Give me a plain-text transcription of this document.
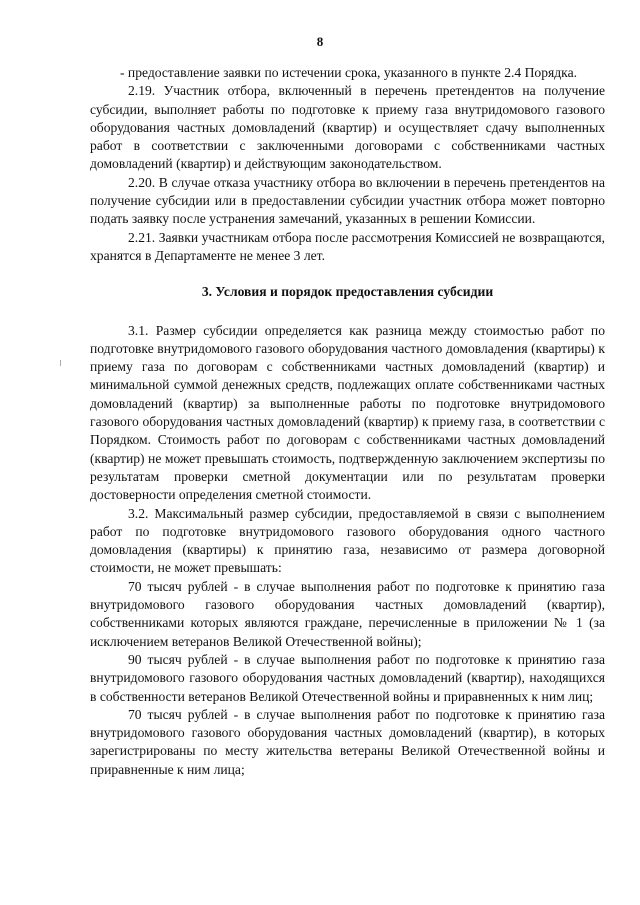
8

- предоставление заявки по истечении срока, указанного в пункте 2.4 Порядка.

2.19. Участник отбора, включенный в перечень претендентов на получение субсидии, выполняет работы по подготовке к приему газа внутридомового газового оборудования частных домовладений (квартир) и осуществляет сдачу выполненных работ в соответствии с заключенными договорами с собственниками частных домовладений (квартир) и действующим законодательством.

2.20. В случае отказа участнику отбора во включении в перечень претендентов на получение субсидии или в предоставлении субсидии участник отбора может повторно подать заявку после устранения замечаний, указанных в решении Комиссии.

2.21. Заявки участникам отбора после рассмотрения Комиссией не возвращаются, хранятся в Департаменте не менее 3 лет.

3. Условия и порядок предоставления субсидии

3.1. Размер субсидии определяется как разница между стоимостью работ по подготовке внутридомового газового оборудования частного домовладения (квартиры) к приему газа по договорам с собственниками частных домовладений (квартир) и минимальной суммой денежных средств, подлежащих оплате собственниками частных домовладений (квартир) за выполненные работы по подготовке внутридомового газового оборудования частных домовладений (квартир) к приему газа, в соответствии с Порядком. Стоимость работ по договорам с собственниками частных домовладений (квартир) не может превышать стоимость, подтвержденную заключением экспертизы по результатам проверки сметной документации или по результатам проверки достоверности определения сметной стоимости.

3.2. Максимальный размер субсидии, предоставляемой в связи с выполнением работ по подготовке внутридомового газового оборудования одного частного домовладения (квартиры) к принятию газа, независимо от размера договорной стоимости, не может превышать:

70 тысяч рублей - в случае выполнения работ по подготовке к принятию газа внутридомового газового оборудования частных домовладений (квартир), собственниками которых являются граждане, перечисленные в приложении № 1 (за исключением ветеранов Великой Отечественной войны);

90 тысяч рублей - в случае выполнения работ по подготовке к принятию газа внутридомового газового оборудования частных домовладений (квартир), находящихся в собственности ветеранов Великой Отечественной войны и приравненных к ним лиц;

70 тысяч рублей - в случае выполнения работ по подготовке к принятию газа внутридомового газового оборудования частных домовладений (квартир), в которых зарегистрированы по месту жительства ветераны Великой Отечественной войны и приравненные к ним лица;
